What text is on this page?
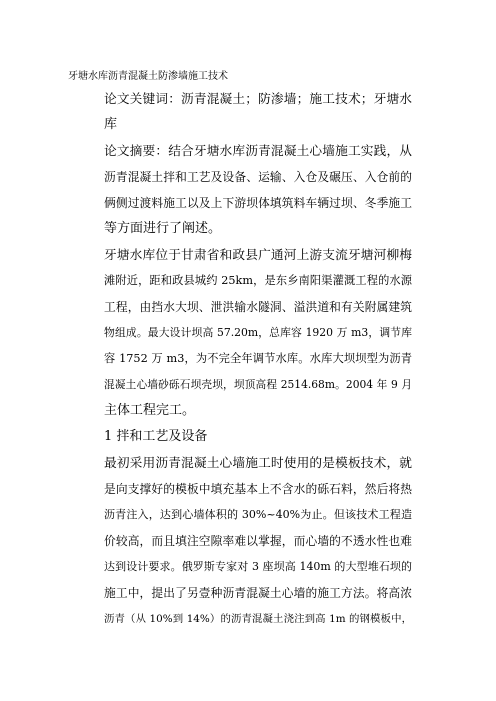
牙塘水库沥青混凝土防渗墙施工技术
论文关键词：沥青混凝土；防渗墙；施工技术；牙塘水
库
论文摘要：结合牙塘水库沥青混凝土心墙施工实践，从
沥青混凝土拌和工艺及设备、运输、入仓及碾压、入仓前的
俩侧过渡料施工以及上下游坝体填筑料车辆过坝、冬季施工
等方面进行了阐述。
牙塘水库位于甘肃省和政县广通河上游支流牙塘河柳梅
滩附近，距和政县城约 25km，是东乡南阳渠灌溉工程的水源
工程，由挡水大坝、泄洪输水隧洞、溢洪道和有关附属建筑
物组成。最大设计坝高 57.20m，总库容 1920 万 m3，调节库
容 1752 万 m3，为不完全年调节水库。水库大坝坝型为沥青
混凝土心墙砂砾石坝壳坝，坝顶高程 2514.68m。2004 年 9 月
主体工程完工。
1 拌和工艺及设备
最初采用沥青混凝土心墙施工时使用的是模板技术，就
是向支撑好的模板中填充基本上不含水的砾石料，然后将热
沥青注入，达到心墙体积的 30%~40%为止。但该技术工程造
价较高，而且填注空隙率难以掌握，而心墙的不透水性也难
达到设计要求。俄罗斯专家对 3 座坝高 140m 的大型堆石坝的
施工中，提出了另壹种沥青混凝土心墙的施工方法。将高浓
沥青（从 10%到 14%）的沥青混凝土浇注到高 1m 的钢模板中，
